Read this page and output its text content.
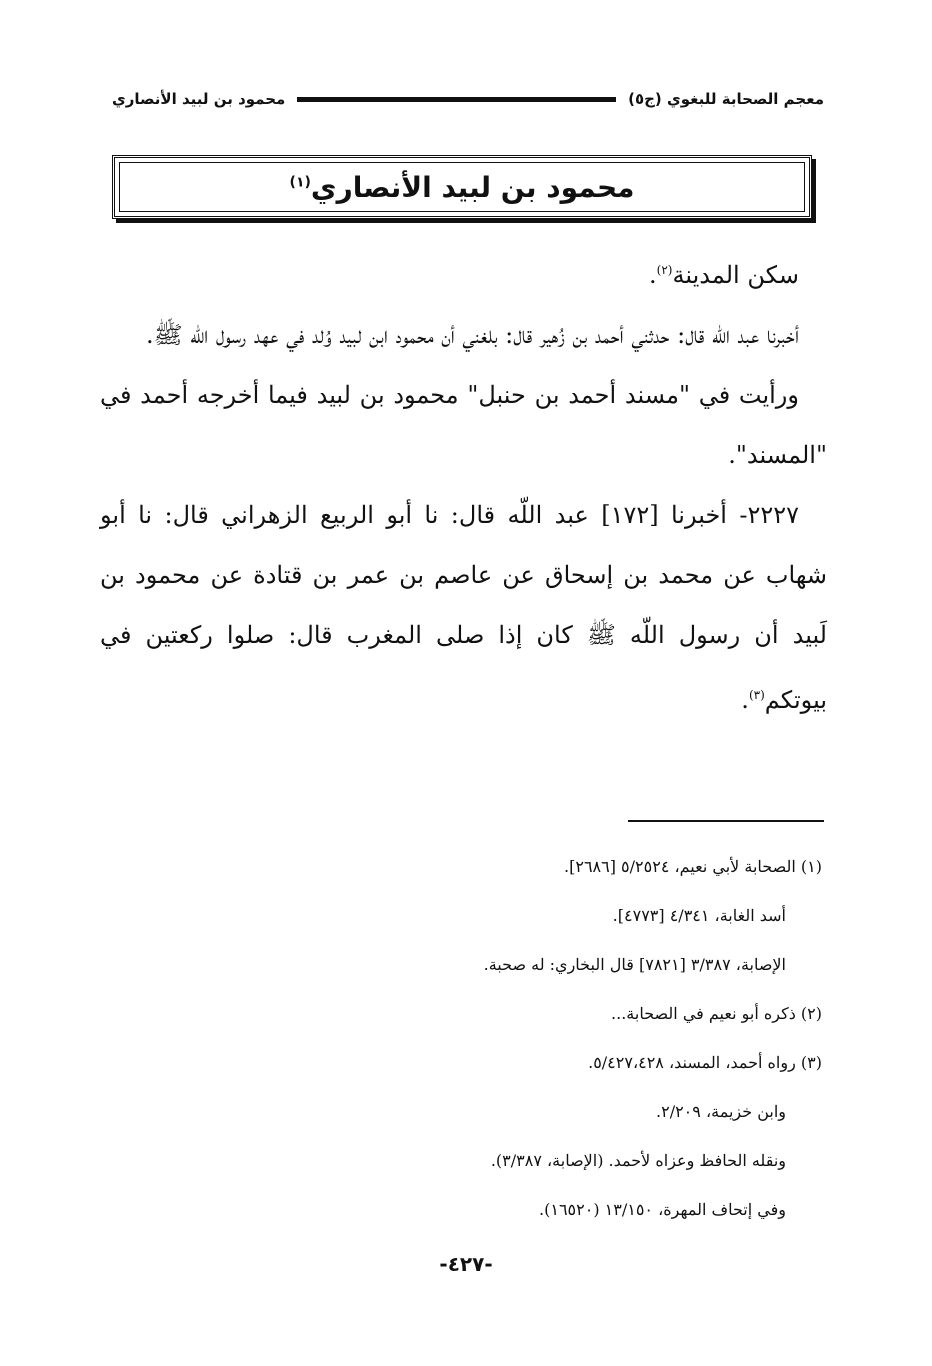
معجم الصحابة للبغوي (ج٥)
محمود بن لبيد الأنصاري
محمود بن لبيد الأنصاري$^{(١)}$

سكن المدينة$^{(٢)}$.

أخبرنا عبد اللّه قال: حدثني أحمد بن زُهير قال: بلغني أن محمود ابن لبيد وُلد في عهد رسول اللّه ﷺ.

ورأيت في "مسند أحمد بن حنبل" محمود بن لبيد فيما أخرجه أحمد في "المسند".

٢٢٢٧- أخبرنا [١٧٢] عبد اللّه قال: نا أبو الربيع الزهراني قال: نا أبو شهاب عن محمد بن إسحاق عن عاصم بن عمر بن قتادة عن محمود بن لَبيد أن رسول اللّه ﷺ كان إذا صلى المغرب قال: صلوا ركعتين في بيوتكم$^{(٣)}$.

(١) الصحابة لأبي نعيم، ٥/٢٥٢٤ [٢٦٨٦].
أسد الغابة، ٤/٣٤١ [٤٧٧٣].
الإصابة، ٣/٣٨٧ [٧٨٢١] قال البخاري: له صحبة.
(٢) ذكره أبو نعيم في الصحابة...
(٣) رواه أحمد، المسند، ٥/٤٢٧،٤٢٨.
وابن خزيمة، ٢/٢٠٩.
ونقله الحافظ وعزاه لأحمد. (الإصابة، ٣/٣٨٧).
وفي إتحاف المهرة، ١٣/١٥٠ (١٦٥٢٠).
-٤٢٧-
